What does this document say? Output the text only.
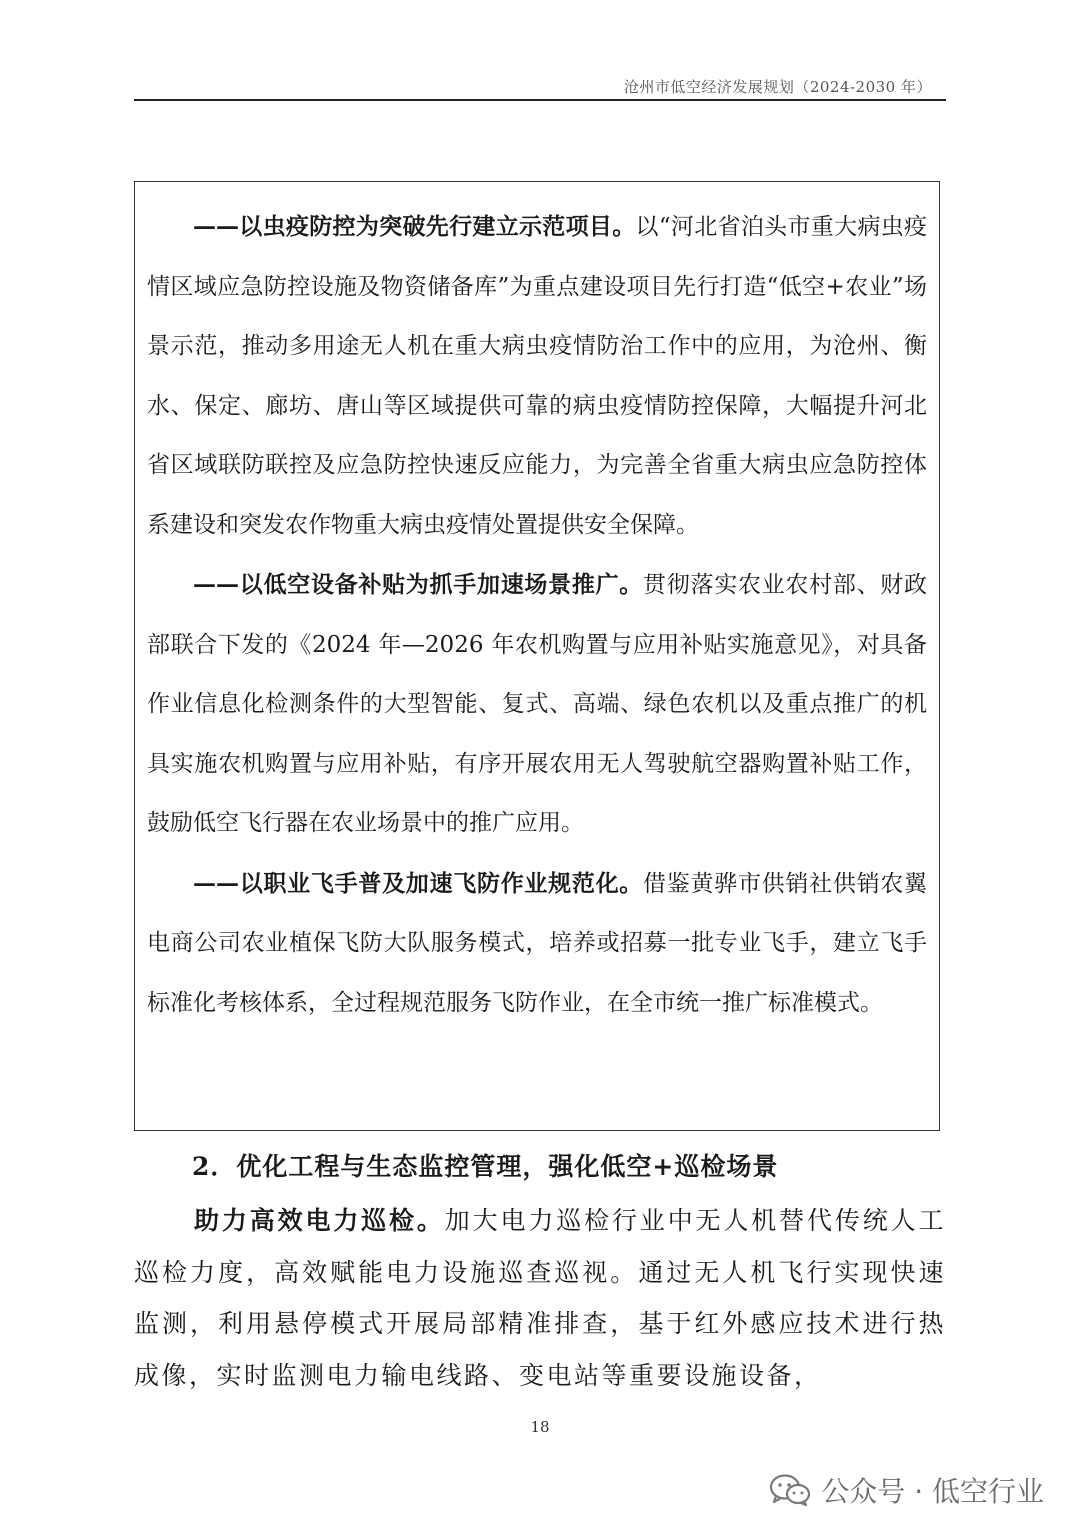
沧州市低空经济发展规划（2024-2030 年）

——以虫疫防控为突破先行建立示范项目。以“河北省泊头市重大病虫疫情区域应急防控设施及物资储备库”为重点建设项目先行打造“低空+农业”场景示范，推动多用途无人机在重大病虫疫情防治工作中的应用，为沧州、衡水、保定、廊坊、唐山等区域提供可靠的病虫疫情防控保障，大幅提升河北省区域联防联控及应急防控快速反应能力，为完善全省重大病虫应急防控体系建设和突发农作物重大病虫疫情处置提供安全保障。

——以低空设备补贴为抓手加速场景推广。贯彻落实农业农村部、财政部联合下发的《2024 年—2026 年农机购置与应用补贴实施意见》，对具备作业信息化检测条件的大型智能、复式、高端、绿色农机以及重点推广的机具实施农机购置与应用补贴，有序开展农用无人驾驶航空器购置补贴工作，鼓励低空飞行器在农业场景中的推广应用。

——以职业飞手普及加速飞防作业规范化。借鉴黄骅市供销社供销农翼电商公司农业植保飞防大队服务模式，培养或招募一批专业飞手，建立飞手标准化考核体系，全过程规范服务飞防作业，在全市统一推广标准模式。

2．优化工程与生态监控管理，强化低空+巡检场景

助力高效电力巡检。加大电力巡检行业中无人机替代传统人工巡检力度，高效赋能电力设施巡查巡视。通过无人机飞行实现快速监测，利用悬停模式开展局部精准排查，基于红外感应技术进行热成像，实时监测电力输电线路、变电站等重要设施设备，

18
公众号 · 低空行业
